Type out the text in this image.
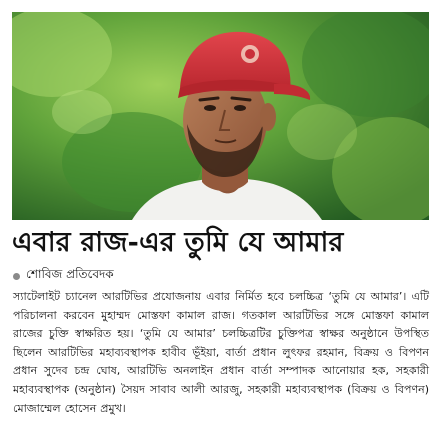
এবার রাজ-এর তুমি যে আমার
শোবিজ প্রতিবেদক

স্যাটেলাইট চ্যানেল আরটিভির প্রযোজনায় এবার নির্মিত হবে চলচ্চিত্র ‘তুমি যে আমার’। এটি পরিচালনা করবেন মুহাম্মদ মোস্তফা কামাল রাজ। গতকাল আরটিভির সঙ্গে মোস্তফা কামাল রাজের চুক্তি স্বাক্ষরিত হয়। ‘তুমি যে আমার’ চলচ্চিত্রটির চুক্তিপত্র স্বাক্ষর অনুষ্ঠানে উপস্থিত ছিলেন আরটিভির মহাব্যবস্থাপক হাবীব ভূঁইয়া, বার্তা প্রধান লুৎফর রহমান, বিক্রয় ও বিপণন প্রধান সুদেব চন্দ্র ঘোষ, আরটিভি অনলাইন প্রধান বার্তা সম্পাদক আনোয়ার হক, সহকারী মহাব্যবস্থাপক (অনুষ্ঠান) সৈয়দ সাবাব আলী আরজু, সহকারী মহাব্যবস্থাপক (বিক্রয় ও বিপণন) মোজাম্মেল হোসেন প্রমুখ।
